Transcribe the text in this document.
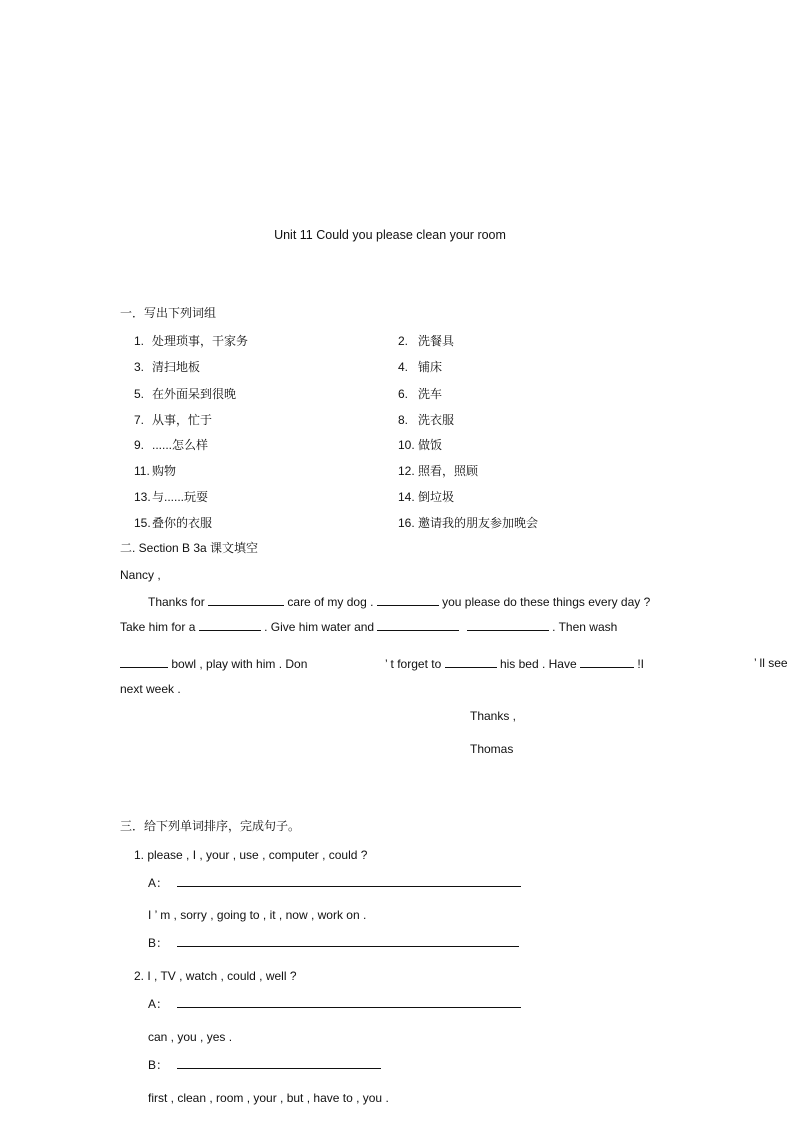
Unit 11 Could you please clean your room
一．写出下列词组
1. 处理琐事，干家务	2. 洗餐具
3. 清扫地板	4. 铺床
5. 在外面呆到很晚	6. 洗车
7. 从事，忙于	8. 洗衣服
9. ......怎么样	10. 做饭
11. 购物	12. 照看，照顾
13.与......玩耍	14. 倒垃圾
15.叠你的衣服	16. 邀请我的朋友参加晚会
二. Section B 3a 课文填空
Nancy ,
Thanks for	care of my dog .	you please do these things every day ?
Take him for a	. Give him water and	. Then wash
bowl , play with him . Don	’ t forget to	his bed . Have	!I	’ ll see
next week .
Thanks ,
Thomas
三．给下列单词排序，完成句子。
1. please , I , your , use , computer , could ?
A：
I ’ m , sorry , going to , it , now , work on .
B：
2. I , TV , watch , could , well ?
A：
can , you , yes .
B：
first , clean , room , your , but , have to , you .
